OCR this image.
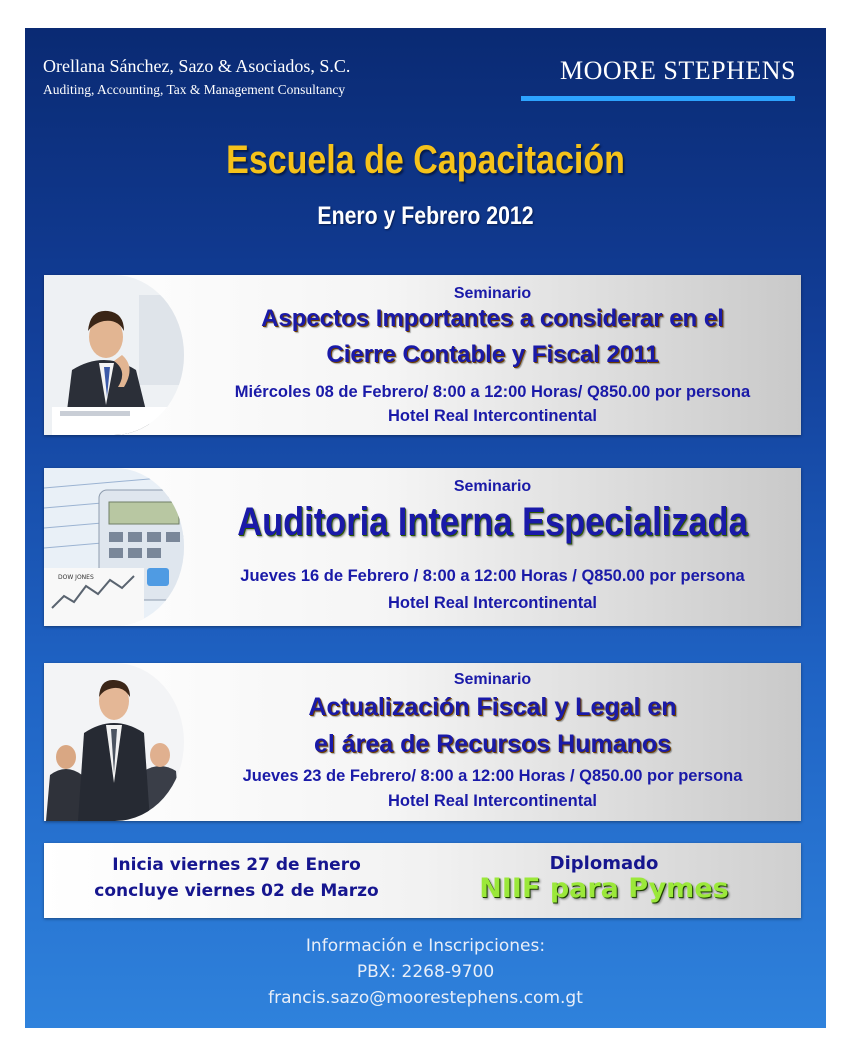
Orellana Sánchez, Sazo & Asociados, S.C.
Auditing, Accounting, Tax & Management Consultancy
MOORE STEPHENS
Escuela de Capacitación
Enero y Febrero 2012
Seminario
Aspectos Importantes a considerar en el
Cierre Contable y Fiscal 2011
Miércoles 08 de Febrero/ 8:00 a 12:00 Horas/ Q850.00 por persona
Hotel Real Intercontinental
DOW JONES
Seminario
Auditoria Interna Especializada
Jueves 16 de Febrero / 8:00 a 12:00 Horas / Q850.00 por persona
Hotel Real Intercontinental
Seminario
Actualización Fiscal y Legal en
el área de Recursos Humanos
Jueves 23 de Febrero/ 8:00 a 12:00 Horas / Q850.00 por persona
Hotel Real Intercontinental
Inicia viernes 27 de Enero
concluye viernes 02 de Marzo
Diplomado
NIIF para Pymes
Información e Inscripciones:
PBX: 2268-9700
francis.sazo@moorestephens.com.gt
